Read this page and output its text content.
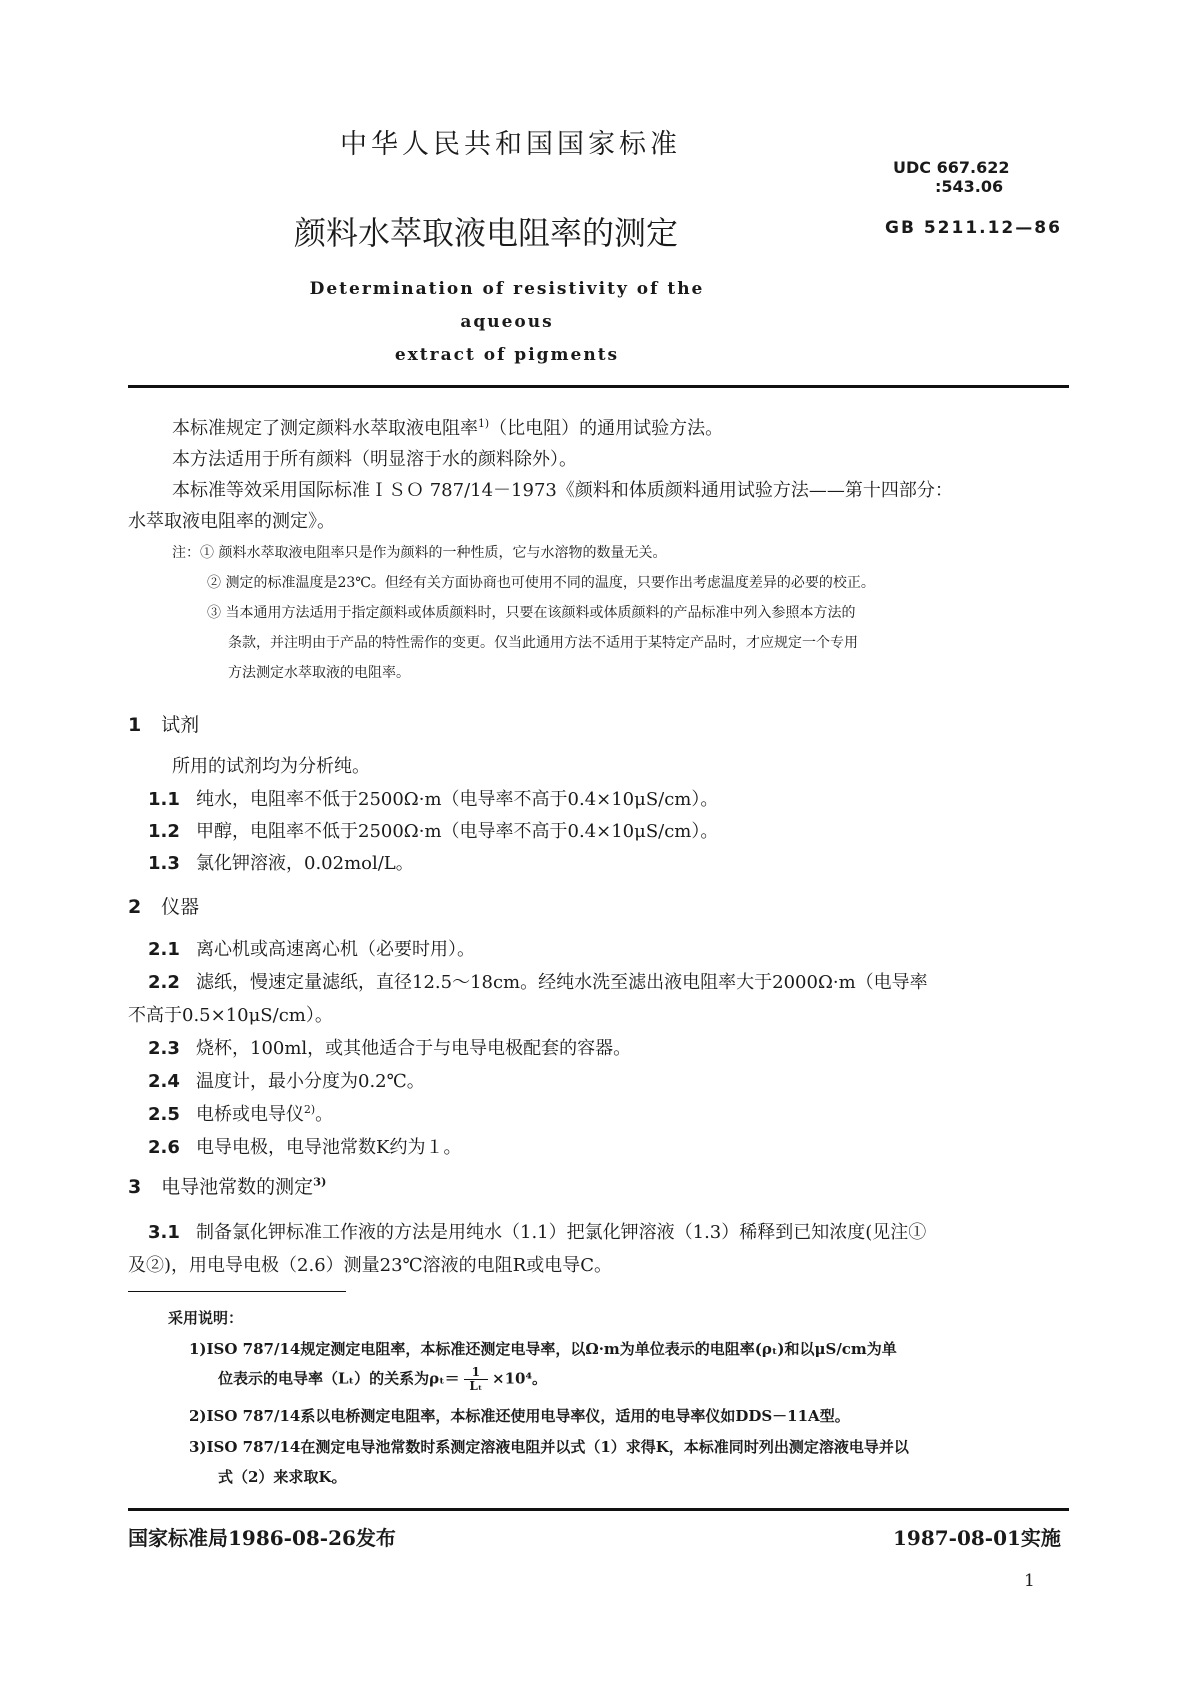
中华人民共和国国家标准
UDC 667.622
:543.06
颜料水萃取液电阻率的测定	GB 5211.12—86
Determination of resistivity of the aqueous
extract of pigments
本标准规定了测定颜料水萃取液电阻率$^{1)}$（比电阻）的通用试验方法。
本方法适用于所有颜料（明显溶于水的颜料除外）。
本标准等效采用国际标准ＩＳＯ 787/14－1973《颜料和体质颜料通用试验方法——第十四部分：
水萃取液电阻率的测定》。
注：① 颜料水萃取液电阻率只是作为颜料的一种性质，它与水溶物的数量无关。
② 测定的标准温度是23℃。但经有关方面协商也可使用不同的温度，只要作出考虑温度差异的必要的校正。
③ 当本通用方法适用于指定颜料或体质颜料时，只要在该颜料或体质颜料的产品标准中列入参照本方法的
条款，并注明由于产品的特性需作的变更。仅当此通用方法不适用于某特定产品时，才应规定一个专用
方法测定水萃取液的电阻率。
1 试剂
所用的试剂均为分析纯。
1.1 纯水，电阻率不低于2500Ω·m（电导率不高于0.4×10μS/cm）。
1.2 甲醇，电阻率不低于2500Ω·m（电导率不高于0.4×10μS/cm）。
1.3 氯化钾溶液，0.02mol/L。
2 仪器
2.1 离心机或高速离心机（必要时用）。
2.2 滤纸，慢速定量滤纸，直径12.5～18cm。经纯水洗至滤出液电阻率大于2000Ω·m（电导率
不高于0.5×10μS/cm）。
2.3 烧杯，100ml，或其他适合于与电导电极配套的容器。
2.4 温度计，最小分度为0.2℃。
2.5 电桥或电导仪$^{2)}$。
2.6 电导电极，电导池常数K约为１。
3 电导池常数的测定$^{3)}$
3.1 制备氯化钾标准工作液的方法是用纯水（1.1）把氯化钾溶液（1.3）稀释到已知浓度(见注①
及②)，用电导电极（2.6）测量23℃溶液的电阻R或电导C。
采用说明：
1)ISO 787/14规定测定电阻率，本标准还测定电导率，以Ω·m为单位表示的电阻率(ρₜ)和以μS/cm为单
位表示的电导率（Lₜ）的关系为$\rho_t= \frac{1}{\text{Lₜ}} \times 10^4$。
2)ISO 787/14系以电桥测定电阻率，本标准还使用电导率仪，适用的电导率仪如DDS－11A型。
3)ISO 787/14在测定电导池常数时系测定溶液电阻并以式（1）求得K，本标准同时列出测定溶液电导并以
式（2）来求取K。
国家标准局1986-08-26发布	1987-08-01实施
1
